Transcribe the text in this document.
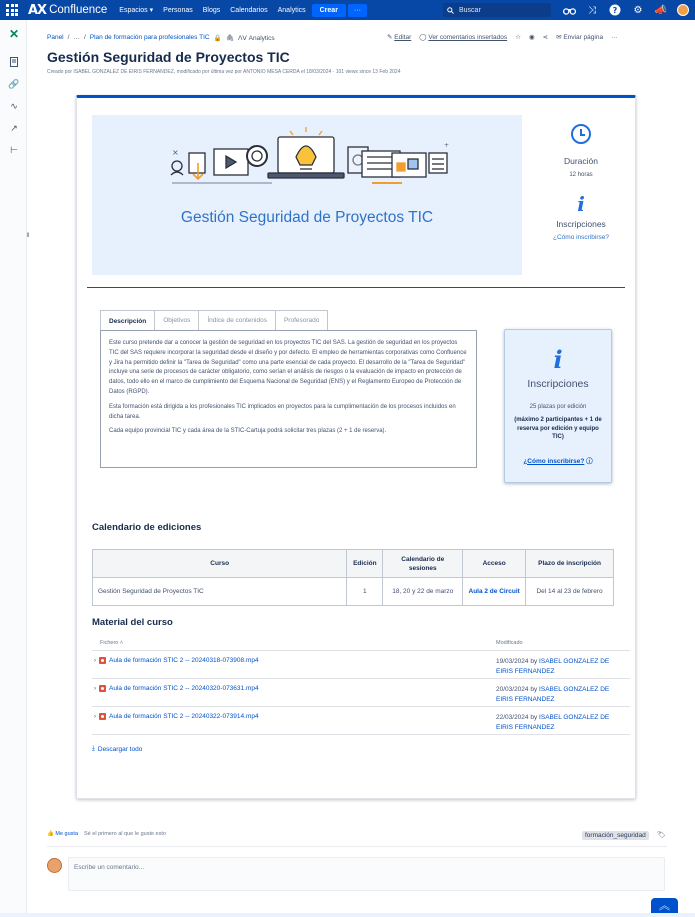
AX Confluence Espacios
▾ Personas Blogs Calendarios Analytics	Crear	···	Buscar	⤨	? ⚙ 📣
✕
🔗
∿
↗
⊢
‖
Panel / … / Plan de formación para profesionales TIC 🔒 🖇 ᐱᐯ Analytics	✎ Editar ◯ Ver comentarios insertados ☆ ◉ ⋖ ✉ Enviar página ···
Gestión Seguridad de Proyectos TIC
Creado por ISABEL GONZALEZ DE EIRIS FERNANDEZ, modificado por última vez por ANTONIO MESA CERDA el 18/03/2024 · 101 views since 13 Feb 2024
×
+
Gestión Seguridad de Proyectos TIC
Duración
12 horas
i
Inscripciones
¿Cómo inscribirse?
Descripción	Objetivos	Índice de contenidos	Profesorado

Este curso pretende dar a conocer la gestión de seguridad en los proyectos TIC del SAS. La gestión de seguridad en los proyectos TIC del SAS requiere incorporar la seguridad desde el diseño y por defecto. El empleo de herramientas corporativas como Confluence y Jira ha permitido definir la "Tarea de Seguridad" como una parte esencial de cada proyecto. El desarrollo de la "Tarea de Seguridad" incluye una serie de procesos de carácter obligatorio, como serían el análisis de riesgos o la evaluación de impacto en protección de datos, todo ello en el marco de cumplimiento del Esquema Nacional de Seguridad (ENS) y el Reglamento Europeo de Protección de Datos (RGPD).

Esta formación está dirigida a los profesionales TIC implicados en proyectos para la cumplimentación de los procesos incluidos en dicha tarea.

Cada equipo provincial TIC y cada área de la STIC-Cartuja podrá solicitar tres plazas (2 + 1 de reserva).

i
Inscripciones
25 plazas por edición
(máximo 2 participantes + 1 de reserva por edición y equipo TIC)
¿Cómo inscribirse? ⓘ
Calendario de ediciones
Curso	Edición	Calendario de sesiones	Acceso	Plazo de inscripción
Gestión Seguridad de Proyectos TIC	1	18, 20 y 22 de marzo	Aula 2 de Circuit	Del 14 al 23 de febrero
Material del curso
Fichero ˄	Modificado
› Aula de formación STIC 2 -- 20240318-073908.mp4	19/03/2024 by ISABEL GONZALEZ DE EIRIS FERNANDEZ
› Aula de formación STIC 2 -- 20240320-073631.mp4	20/03/2024 by ISABEL GONZALEZ DE EIRIS FERNANDEZ
› Aula de formación STIC 2 -- 20240322-073914.mp4	22/03/2024 by ISABEL GONZALEZ DE EIRIS FERNANDEZ
⤓ Descargar todo
👍 Me gusta Sé el primero al que le guste esto	formación_seguridad	🏷
Escribe un comentario...
︽
